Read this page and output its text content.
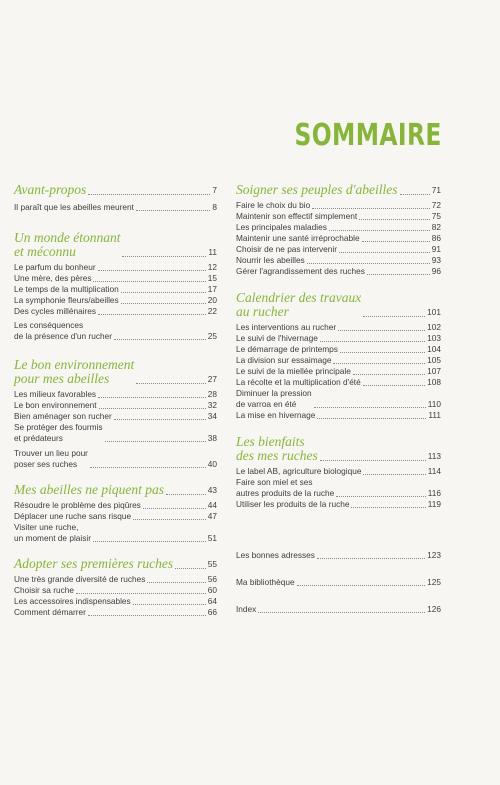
SOMMAIRE
Avant-propos	7
Il paraît que les abeilles meurent	8
Un monde étonnant
et méconnu	11
Le parfum du bonheur	12
Une mère, des pères	15
Le temps de la multiplication	17
La symphonie fleurs/abeilles	20
Des cycles millénaires	22
Les conséquences
de la présence d'un rucher	25
Le bon environnement
pour mes abeilles	27
Les milieux favorables	28
Le bon environnement	32
Bien aménager son rucher	34
Se protéger des fourmis
et prédateurs	38
Trouver un lieu pour
poser ses ruches	40
Mes abeilles ne piquent pas	43
Résoudre le problème des piqûres	44
Déplacer une ruche sans risque	47
Visiter une ruche,
un moment de plaisir	51
Adopter ses premières ruches	55
Une très grande diversité de ruches	56
Choisir sa ruche	60
Les accessoires indispensables	64
Comment démarrer	66
Soigner ses peuples d'abeilles	71
Faire le choix du bio	72
Maintenir son effectif simplement	75
Les principales maladies	82
Maintenir une santé irréprochable	86
Choisir de ne pas intervenir	91
Nourrir les abeilles	93
Gérer l'agrandissement des ruches	96
Calendrier des travaux
au rucher	101
Les interventions au rucher	102
Le suivi de l'hivernage	103
Le démarrage de printemps	104
La division sur essaimage	105
Le suivi de la miellée principale	107
La récolte et la multiplication d'été	108
Diminuer la pression
de varroa en été	110
La mise en hivernage	111
Les bienfaits
des mes ruches	113
Le label AB, agriculture biologique	114
Faire son miel et ses
autres produits de la ruche	116
Utiliser les produits de la ruche	119
Les bonnes adresses	123
Ma bibliothèque	125
Index	126
